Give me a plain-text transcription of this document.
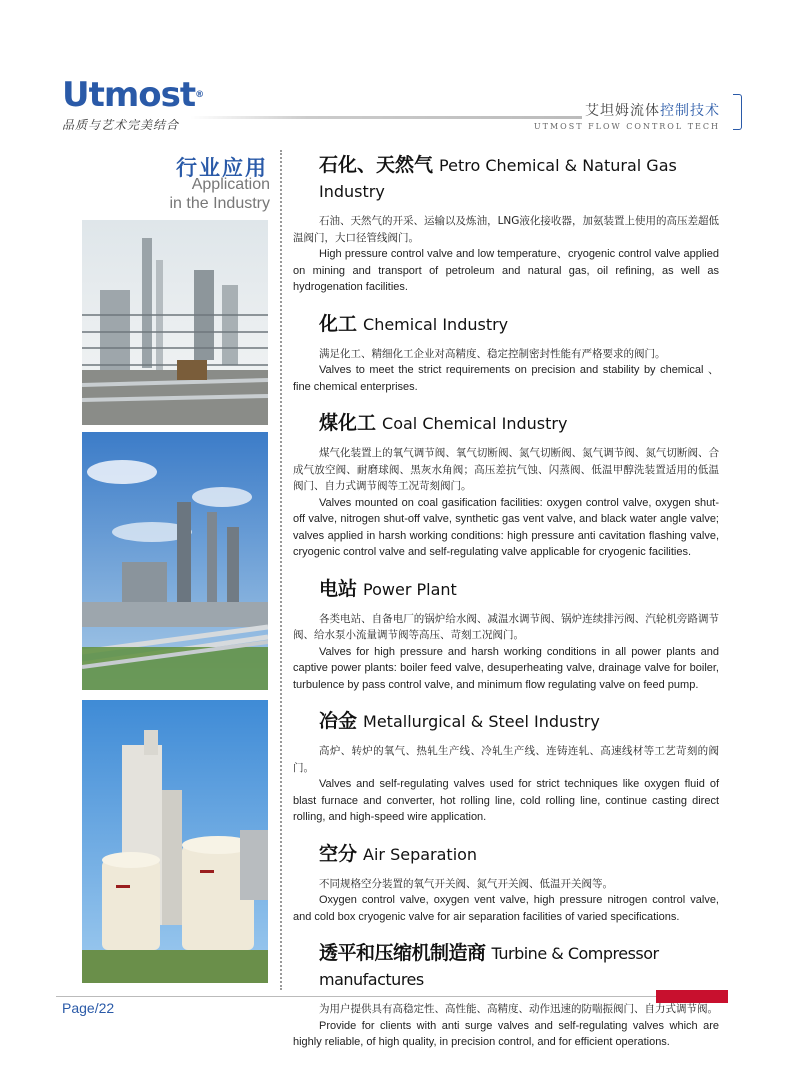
Utmost®
品质与艺术完美结合
艾坦姆流体控制技术
UTMOST FLOW CONTROL TECH
行业应用
Application
in the Industry
石化、天然气 Petro Chemical & Natural Gas Industry

石油、天然气的开采、运输以及炼油，LNG液化接收器，加氨装置上使用的高压差超低温阀门，大口径管线阀门。

High pressure control valve and low temperature、cryogenic control valve applied on mining and transport of petroleum and natural gas, oil refining, as well as hydrogenation facilities.

化工 Chemical Industry

满足化工、精细化工企业对高精度、稳定控制密封性能有严格要求的阀门。

Valves to meet the strict requirements on precision and stability by chemical 、fine chemical enterprises.

煤化工 Coal Chemical Industry

煤气化装置上的氧气调节阀、氧气切断阀、氮气切断阀、氮气调节阀、氮气切断阀、合成气放空阀、耐磨球阀、黑灰水角阀；高压差抗气蚀、闪蒸阀、低温甲醇洗装置适用的低温阀门、自力式调节阀等工况苛刻阀门。

Valves mounted on coal gasification facilities: oxygen control valve, oxygen shut-off valve, nitrogen shut-off valve, synthetic gas vent valve, and black water angle valve; valves applied in harsh working conditions: high pressure anti cavitation flashing valve, cryogenic control valve and self-regulating valve applicable for cryogenic facilities.

电站 Power Plant

各类电站、自备电厂的锅炉给水阀、减温水调节阀、锅炉连续排污阀、汽轮机旁路调节阀、给水泵小流量调节阀等高压、苛刻工况阀门。

Valves for high pressure and harsh working conditions in all power plants and captive power plants: boiler feed valve, desuperheating valve, drainage valve for boiler, turbulence by pass control valve, and minimum flow regulating valve on feed pump.

冶金 Metallurgical & Steel Industry

高炉、转炉的氧气、热轧生产线、冷轧生产线、连铸连轧、高速线材等工艺苛刻的阀门。

Valves and self-regulating valves used for strict techniques like oxygen fluid of blast furnace and converter, hot rolling line, cold rolling line, continue casting direct rolling, and high-speed wire application.

空分 Air Separation

不同规格空分装置的氧气开关阀、氮气开关阀、低温开关阀等。

Oxygen control valve, oxygen vent valve, high pressure nitrogen control valve, and cold box cryogenic valve for air separation facilities of varied specifications.

透平和压缩机制造商 Turbine & Compressor manufactures

为用户提供具有高稳定性、高性能、高精度、动作迅速的防喘振阀门、自力式调节阀。

Provide for clients with anti surge valves and self-regulating valves which are highly reliable, of high quality, in precision control, and for efficient operations.

Page/22
